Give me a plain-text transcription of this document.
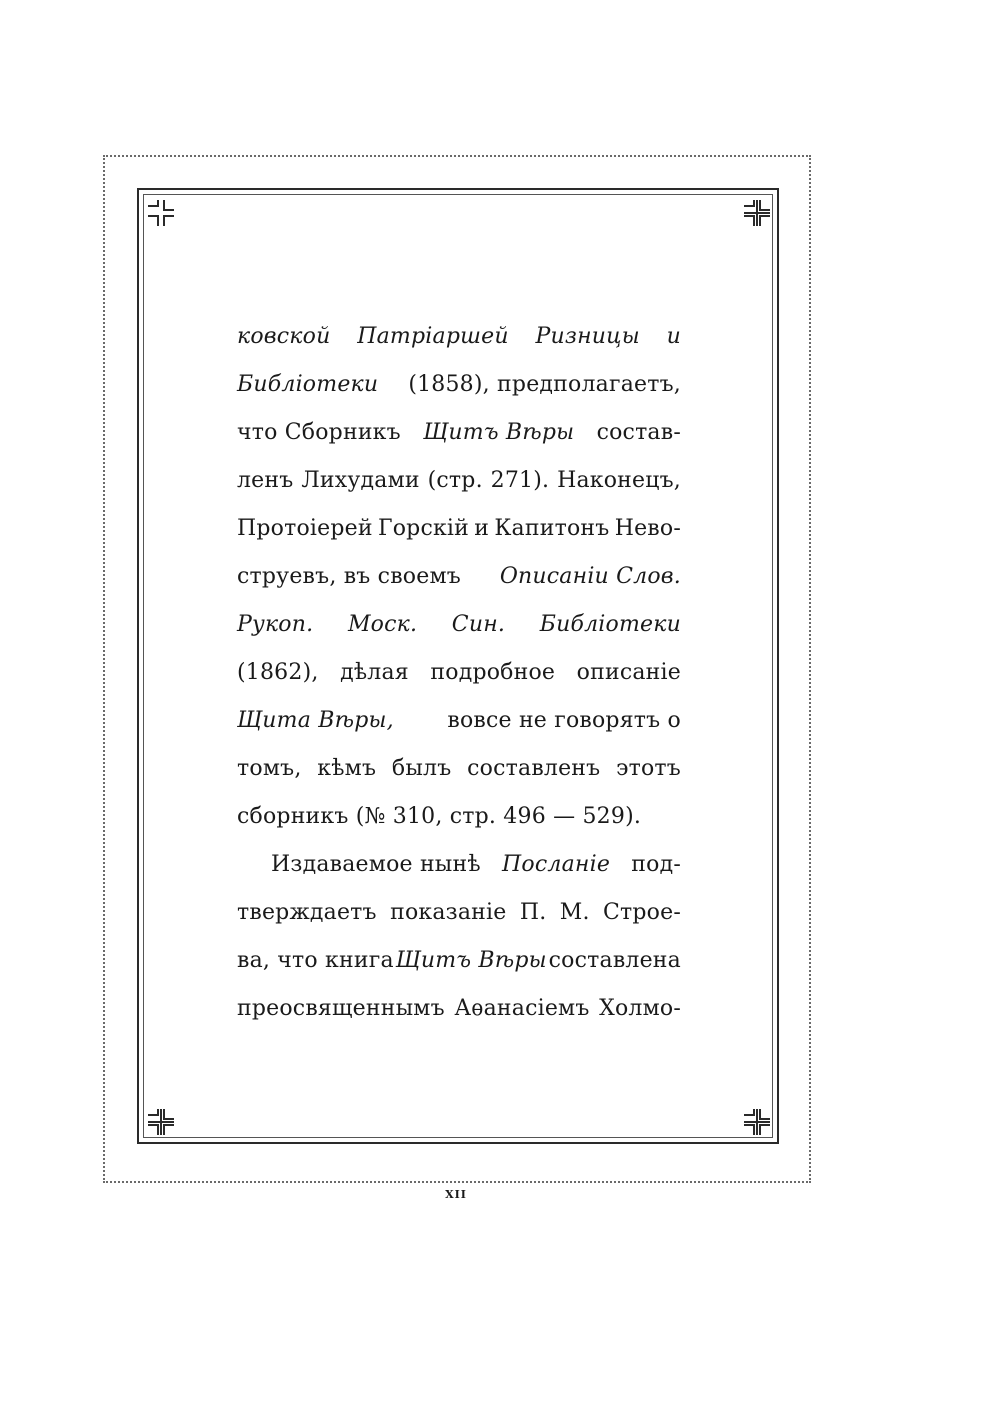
ковской Патріаршей Ризницы и
Библіотеки (1858), предполагаетъ,
что Сборникъ Щитъ Вѣры состав-
ленъ Лихудами (стр. 271). Наконецъ,
Протоіерей Горскій и Капитонъ Нево-
струевъ, въ своемъ Описаніи Слов.
Рукоп. Моск. Син. Библіотеки
(1862), дѣлая подробное описаніе
Щита Вѣры, вовсе не говорятъ о
томъ, кѣмъ былъ составленъ этотъ
сборникъ (№ 310, стр. 496 — 529).
Издаваемое нынѣ Посланіе под-
тверждаетъ показаніе П. М. Строе-
ва, что книга Щитъ Вѣры составлена
преосвященнымъ Аѳанасіемъ Холмо-
XII
